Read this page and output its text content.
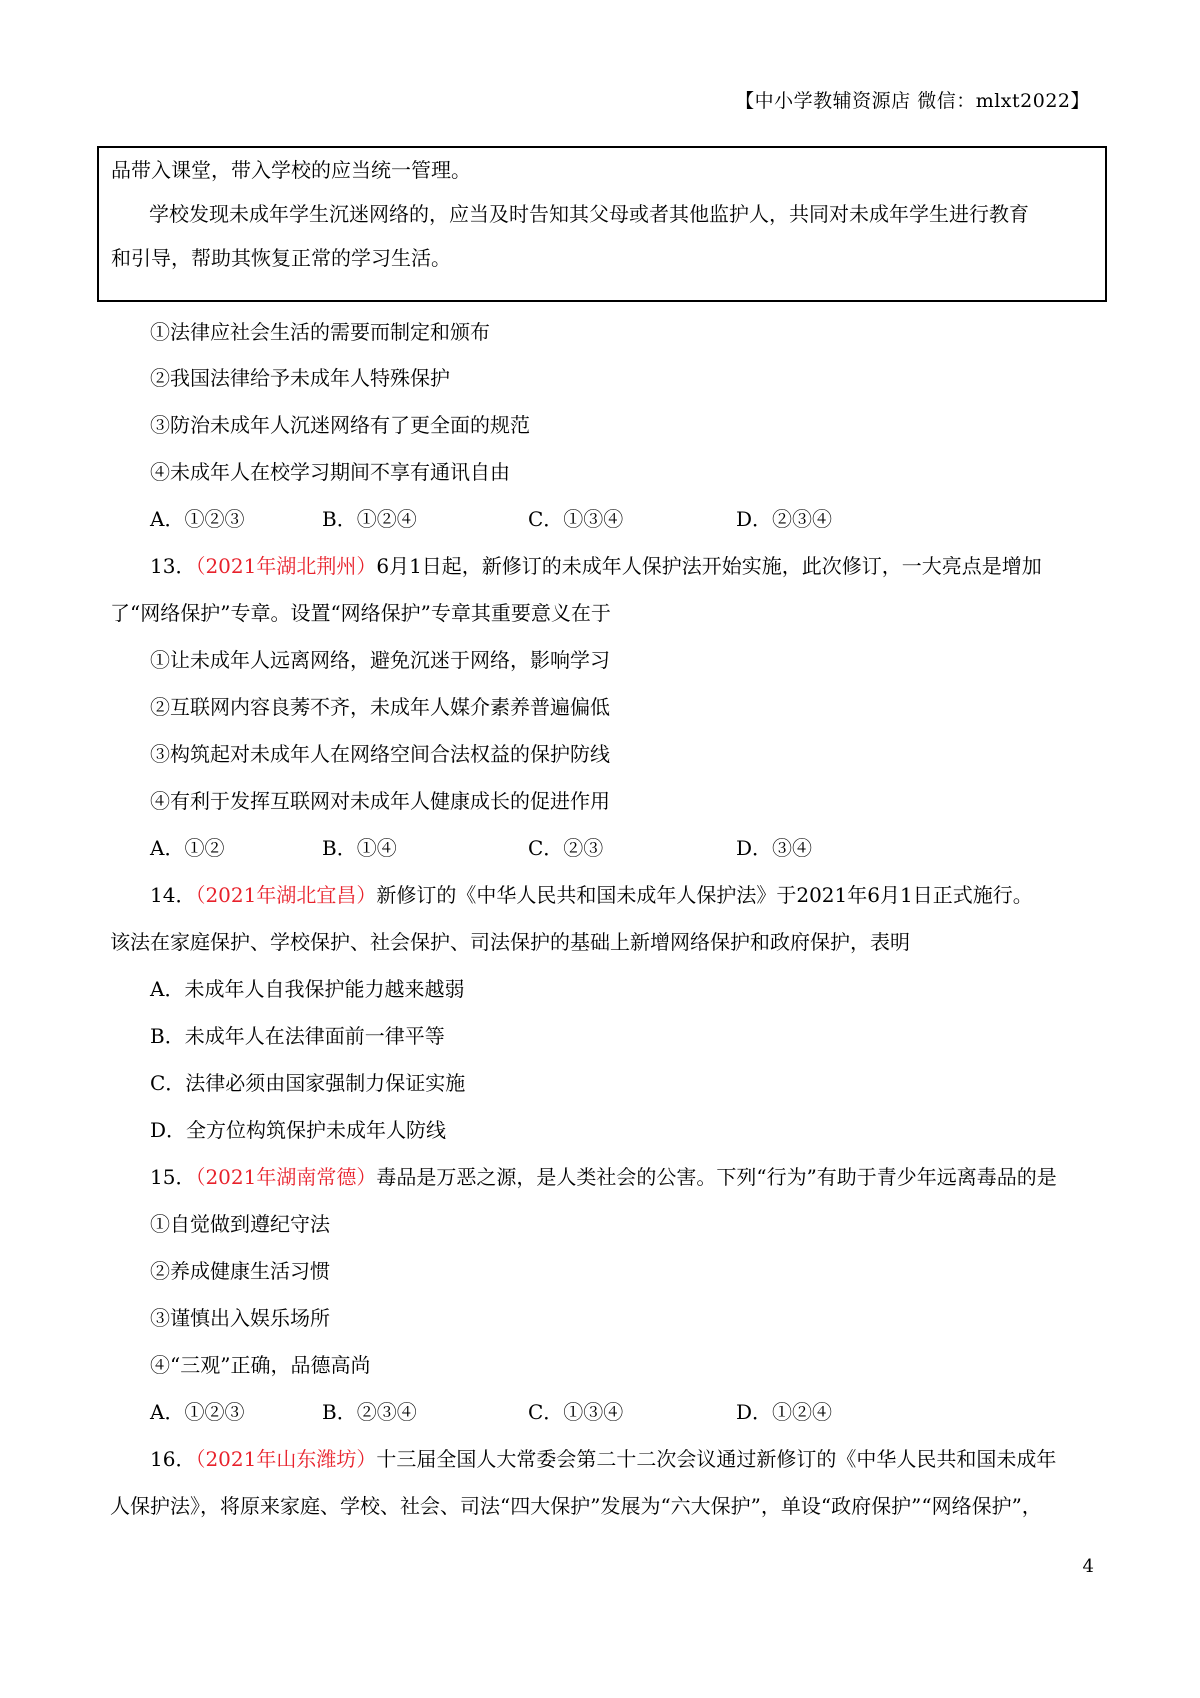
【中小学教辅资源店 微信：mlxt2022】
品带入课堂，带入学校的应当统一管理。
学校发现未成年学生沉迷网络的，应当及时告知其父母或者其他监护人，共同对未成年学生进行教育
和引导，帮助其恢复正常的学习生活。
①法律应社会生活的需要而制定和颁布
②我国法律给予未成年人特殊保护
③防治未成年人沉迷网络有了更全面的规范
④未成年人在校学习期间不享有通讯自由
A．①②③	B．①②④	C．①③④	D．②③④
13．（2021年湖北荆州）6月1日起，新修订的未成年人保护法开始实施，此次修订，一大亮点是增加
了“网络保护”专章。设置“网络保护”专章其重要意义在于
①让未成年人远离网络，避免沉迷于网络，影响学习
②互联网内容良莠不齐，未成年人媒介素养普遍偏低
③构筑起对未成年人在网络空间合法权益的保护防线
④有利于发挥互联网对未成年人健康成长的促进作用
A．①②	B．①④	C．②③	D．③④
14．（2021年湖北宜昌）新修订的《中华人民共和国未成年人保护法》于2021年6月1日正式施行。
该法在家庭保护、学校保护、社会保护、司法保护的基础上新增网络保护和政府保护，表明
A．未成年人自我保护能力越来越弱
B．未成年人在法律面前一律平等
C．法律必须由国家强制力保证实施
D．全方位构筑保护未成年人防线
15．（2021年湖南常德）毒品是万恶之源，是人类社会的公害。下列“行为”有助于青少年远离毒品的是
①自觉做到遵纪守法
②养成健康生活习惯
③谨慎出入娱乐场所
④“三观”正确，品德高尚
A．①②③	B．②③④	C．①③④	D．①②④
16．（2021年山东潍坊）十三届全国人大常委会第二十二次会议通过新修订的《中华人民共和国未成年
人保护法》，将原来家庭、学校、社会、司法“四大保护”发展为“六大保护”，单设“政府保护”“网络保护”，
4
